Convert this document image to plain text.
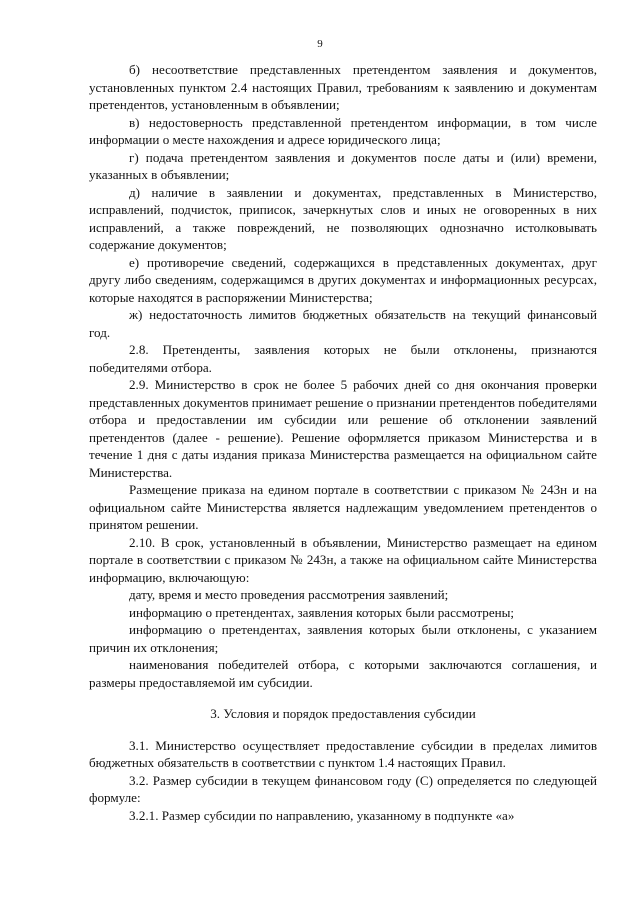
9

б) несоответствие представленных претендентом заявления и документов, установленных пунктом 2.4 настоящих Правил, требованиям к заявлению и документам претендентов, установленным в объявлении;

в) недостоверность представленной претендентом информации, в том числе информации о месте нахождения и адресе юридического лица;

г) подача претендентом заявления и документов после даты и (или) времени, указанных в объявлении;

д) наличие в заявлении и документах, представленных в Министерство, исправлений, подчисток, приписок, зачеркнутых слов и иных не оговоренных в них исправлений, а также повреждений, не позволяющих однозначно истолковывать содержание документов;

е) противоречие сведений, содержащихся в представленных документах, друг другу либо сведениям, содержащимся в других документах и информационных ресурсах, которые находятся в распоряжении Министерства;

ж) недостаточность лимитов бюджетных обязательств на текущий финансовый год.

2.8. Претенденты, заявления которых не были отклонены, признаются победителями отбора.

2.9. Министерство в срок не более 5 рабочих дней со дня окончания проверки представленных документов принимает решение о признании претендентов победителями отбора и предоставлении им субсидии или решение об отклонении заявлений претендентов (далее - решение). Решение оформляется приказом Министерства и в течение 1 дня с даты издания приказа Министерства размещается на официальном сайте Министерства.

Размещение приказа на едином портале в соответствии с приказом № 243н и на официальном сайте Министерства является надлежащим уведомлением претендентов о принятом решении.

2.10. В срок, установленный в объявлении, Министерство размещает на едином портале в соответствии с приказом № 243н, а также на официальном сайте Министерства информацию, включающую:

дату, время и место проведения рассмотрения заявлений;

информацию о претендентах, заявления которых были рассмотрены;

информацию о претендентах, заявления которых были отклонены, с указанием причин их отклонения;

наименования победителей отбора, с которыми заключаются соглашения, и размеры предоставляемой им субсидии.

3. Условия и порядок предоставления субсидии

3.1. Министерство осуществляет предоставление субсидии в пределах лимитов бюджетных обязательств в соответствии с пунктом 1.4 настоящих Правил.

3.2. Размер субсидии в текущем финансовом году (С) определяется по следующей формуле:

3.2.1. Размер субсидии по направлению, указанному в подпункте «а»
